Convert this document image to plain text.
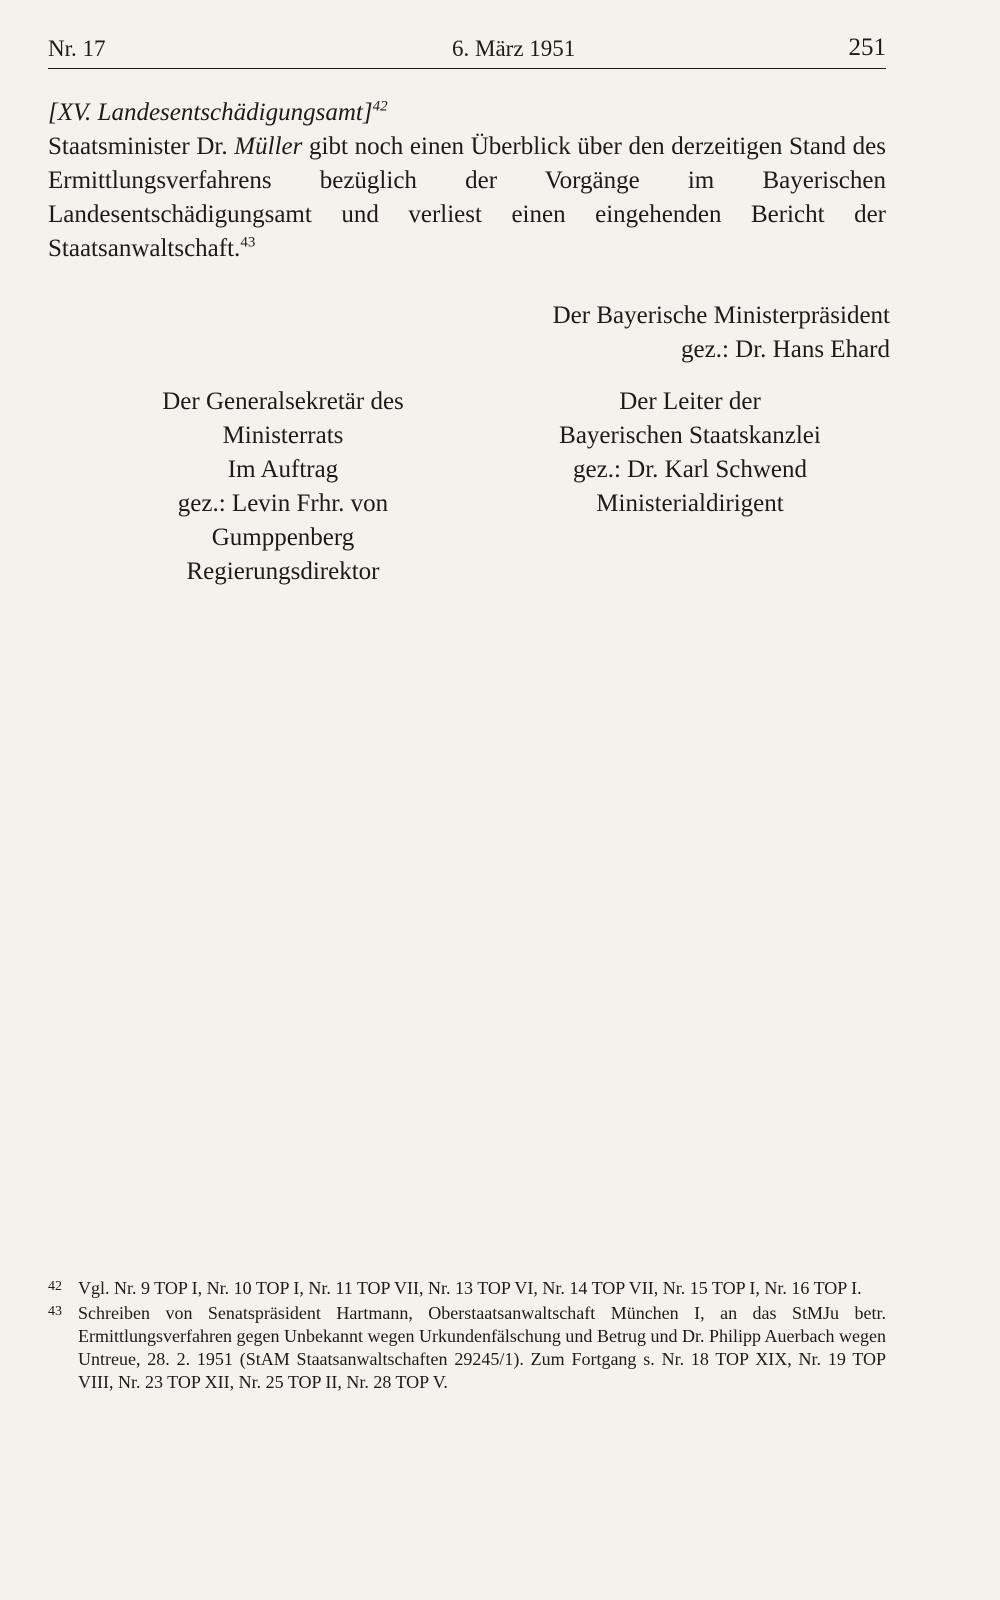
Nr. 17	6. März 1951	251

[XV. Landesentschädigungsamt]$^{42}$

Staatsminister Dr. Müller gibt noch einen Überblick über den derzeitigen Stand des Ermittlungsverfahrens bezüglich der Vorgänge im Bayerischen Landesentschädigungsamt und verliest einen eingehenden Bericht der Staatsanwaltschaft.$^{43}$

Der Bayerische Ministerpräsident
gez.: Dr. Hans Ehard
Der Generalsekretär des
Ministerrats
Im Auftrag
gez.: Levin Frhr. von Gumppenberg
Regierungsdirektor
Der Leiter der
Bayerischen Staatskanzlei
gez.: Dr. Karl Schwend
Ministerialdirigent

42 Vgl. Nr. 9 TOP I, Nr. 10 TOP I, Nr. 11 TOP VII, Nr. 13 TOP VI, Nr. 14 TOP VII, Nr. 15 TOP I, Nr. 16 TOP I.

43 Schreiben von Senatspräsident Hartmann, Oberstaatsanwaltschaft München I, an das StMJu betr. Ermittlungsverfahren gegen Unbekannt wegen Urkundenfälschung und Betrug und Dr. Philipp Auerbach wegen Untreue, 28. 2. 1951 (StAM Staatsanwaltschaften 29245/1). Zum Fortgang s. Nr. 18 TOP XIX, Nr. 19 TOP VIII, Nr. 23 TOP XII, Nr. 25 TOP II, Nr. 28 TOP V.
